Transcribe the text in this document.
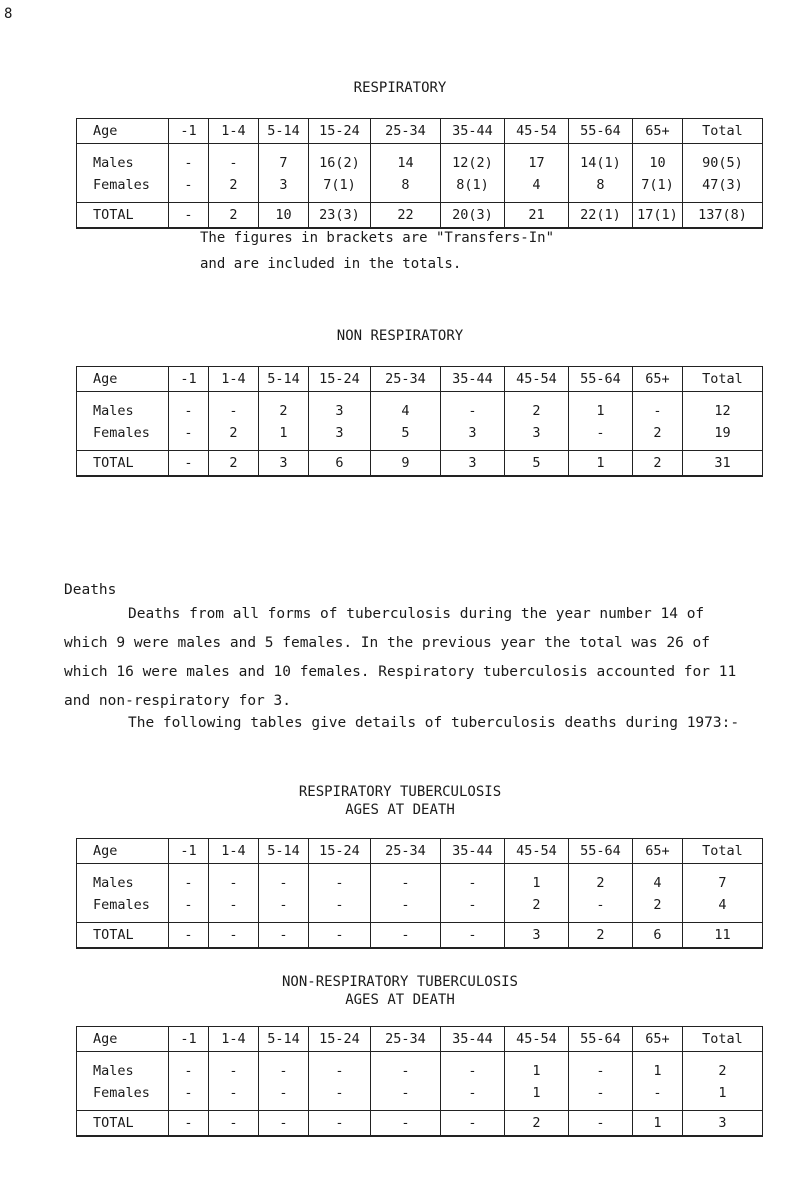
8
RESPIRATORY
Age	-1	1-4	5-14	15-24	25-34	35-44	45-54	55-64	65+	Total
Males	-	-	7	16(2)	14	12(2)	17	14(1)	10	90(5)
Females	-	2	3	7(1)	8	8(1)	4	8	7(1)	47(3)
TOTAL	-	2	10	23(3)	22	20(3)	21	22(1)	17(1)	137(8)
The figures in brackets are "Transfers-In"
and are included in the totals.
NON RESPIRATORY
Age	-1	1-4	5-14	15-24	25-34	35-44	45-54	55-64	65+	Total
Males	-	-	2	3	4	-	2	1	-	12
Females	-	2	1	3	5	3	3	-	2	19
TOTAL	-	2	3	6	9	3	5	1	2	31
Deaths
Deaths from all forms of tuberculosis during the year number 14 of which 9 were males and 5 females. In the previous year the total was 26 of which 16 were males and 10 females. Respiratory tuberculosis accounted for 11 and non-respiratory for 3.
The following tables give details of tuberculosis deaths during 1973:-
RESPIRATORY TUBERCULOSIS
AGES AT DEATH
Age	-1	1-4	5-14	15-24	25-34	35-44	45-54	55-64	65+	Total
Males	-	-	-	-	-	-	1	2	4	7
Females	-	-	-	-	-	-	2	-	2	4
TOTAL	-	-	-	-	-	-	3	2	6	11
NON-RESPIRATORY TUBERCULOSIS
AGES AT DEATH
Age	-1	1-4	5-14	15-24	25-34	35-44	45-54	55-64	65+	Total
Males	-	-	-	-	-	-	1	-	1	2
Females	-	-	-	-	-	-	1	-	-	1
TOTAL	-	-	-	-	-	-	2	-	1	3
